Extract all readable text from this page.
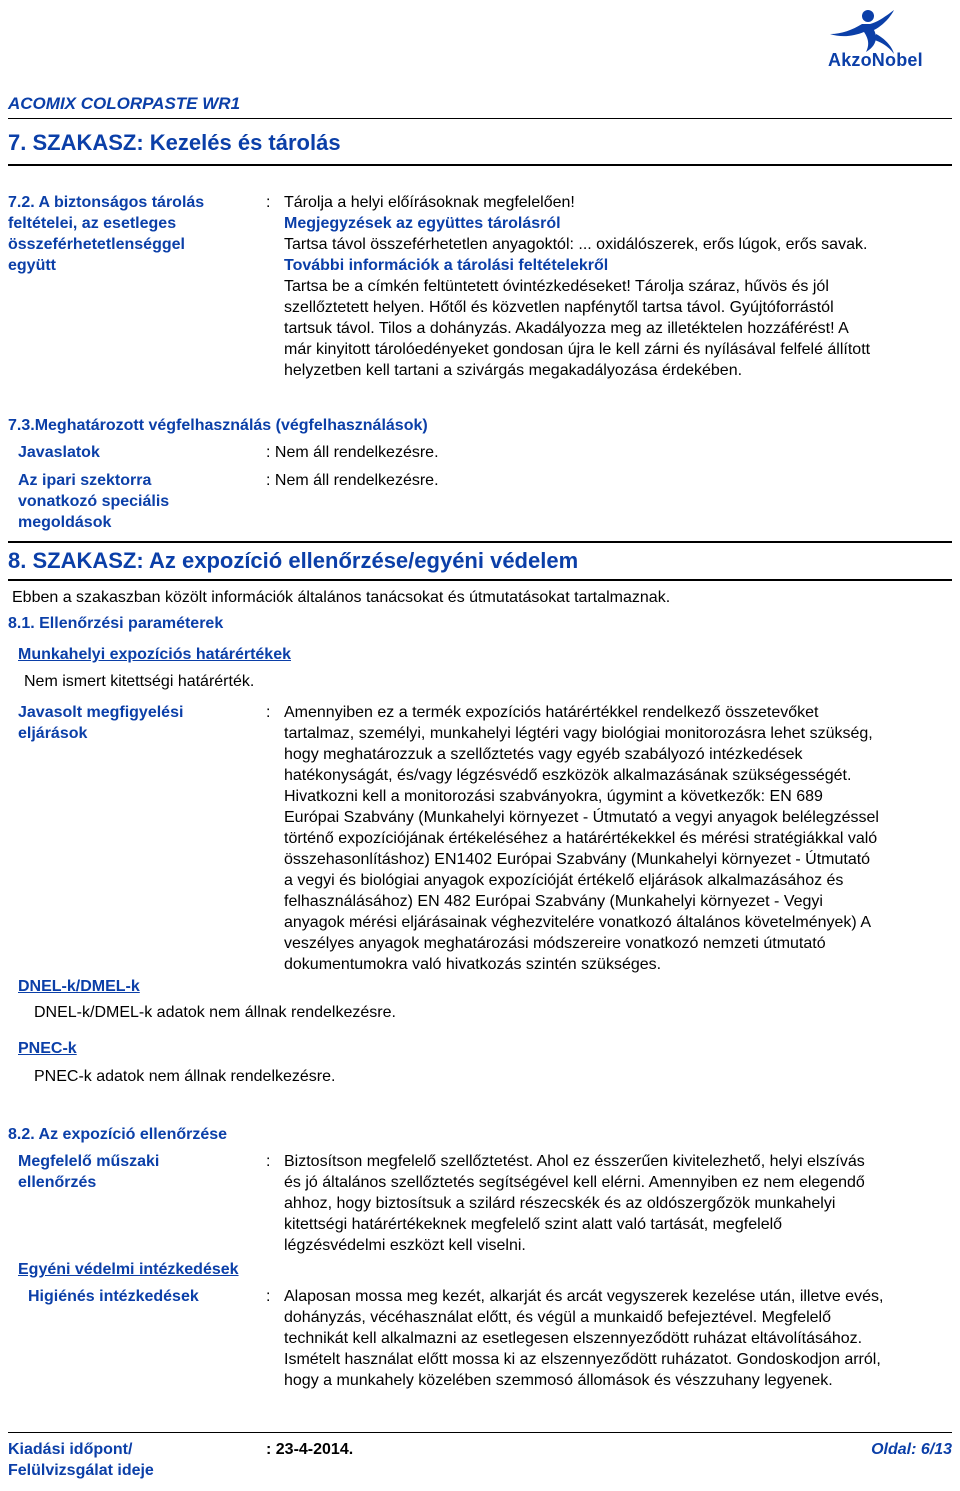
AkzoNobel
ACOMIX COLORPASTE WR1
7. SZAKASZ: Kezelés és tárolás
7.2. A biztonságos tárolás
feltételei, az esetleges
összeférhetetlenséggel
együtt
: Tárolja a helyi előírásoknak megfelelően!
Megjegyzések az együttes tárolásról
Tartsa távol összeférhetetlen anyagoktól: ... oxidálószerek, erős lúgok, erős savak.
További információk a tárolási feltételekről
Tartsa be a címkén feltüntetett óvintézkedéseket! Tárolja száraz, hűvös és jól
szellőztetett helyen. Hőtől és közvetlen napfénytől tartsa távol. Gyújtóforrástól
tartsuk távol. Tilos a dohányzás. Akadályozza meg az illetéktelen hozzáférést! A
már kinyitott tárolóedényeket gondosan újra le kell zárni és nyílásával felfelé állított
helyzetben kell tartani a szivárgás megakadályozása érdekében.
7.3.Meghatározott végfelhasználás (végfelhasználások)
Javaslatok	: Nem áll rendelkezésre.
Az ipari szektorra
vonatkozó speciális
megoldások
: Nem áll rendelkezésre.
8. SZAKASZ: Az expozíció ellenőrzése/egyéni védelem
Ebben a szakaszban közölt információk általános tanácsokat és útmutatásokat tartalmaznak.
8.1. Ellenőrzési paraméterek
Munkahelyi expozíciós határértékek
Nem ismert kitettségi határérték.
Javasolt megfigyelési
eljárások
: Amennyiben ez a termék expozíciós határértékkel rendelkező összetevőket
tartalmaz, személyi, munkahelyi légtéri vagy biológiai monitorozásra lehet szükség,
hogy meghatározzuk a szellőztetés vagy egyéb szabályozó intézkedések
hatékonyságát, és/vagy légzésvédő eszközök alkalmazásának szükségességét.
Hivatkozni kell a monitorozási szabványokra, úgymint a következők: EN 689
Európai Szabvány (Munkahelyi környezet - Útmutató a vegyi anyagok belélegzéssel
történő expozíciójának értékeléséhez a határértékekkel és mérési stratégiákkal való
összehasonlításhoz) EN1402 Európai Szabvány (Munkahelyi környezet - Útmutató
a vegyi és biológiai anyagok expozícióját értékelő eljárások alkalmazásához és
felhasználásához) EN 482 Európai Szabvány (Munkahelyi környezet - Vegyi
anyagok mérési eljárásainak véghezvitelére vonatkozó általános követelmények) A
veszélyes anyagok meghatározási módszereire vonatkozó nemzeti útmutató
dokumentumokra való hivatkozás szintén szükséges.
DNEL-k/DMEL-k
DNEL-k/DMEL-k adatok nem állnak rendelkezésre.
PNEC-k
PNEC-k adatok nem állnak rendelkezésre.
8.2. Az expozíció ellenőrzése
Megfelelő műszaki
ellenőrzés
: Biztosítson megfelelő szellőztetést. Ahol ez ésszerűen kivitelezhető, helyi elszívás
és jó általános szellőztetés segítségével kell elérni. Amennyiben ez nem elegendő
ahhoz, hogy biztosítsuk a szilárd részecskék és az oldószergőzök munkahelyi
kitettségi határértékeknek megfelelő szint alatt való tartását, megfelelő
légzésvédelmi eszközt kell viselni.
Egyéni védelmi intézkedések
Higiénés intézkedések	: Alaposan mossa meg kezét, alkarját és arcát vegyszerek kezelése után, illetve evés,
dohányzás, vécéhasználat előtt, és végül a munkaidő befejeztével. Megfelelő
technikát kell alkalmazni az esetlegesen elszennyeződött ruházat eltávolításához.
Ismételt használat előtt mossa ki az elszennyeződött ruházatot. Gondoskodjon arról,
hogy a munkahely közelében szemmosó állomások és vészzuhany legyenek.
Kiadási időpont/
Felülvizsgálat ideje
: 23-4-2014.	Oldal: 6/13
